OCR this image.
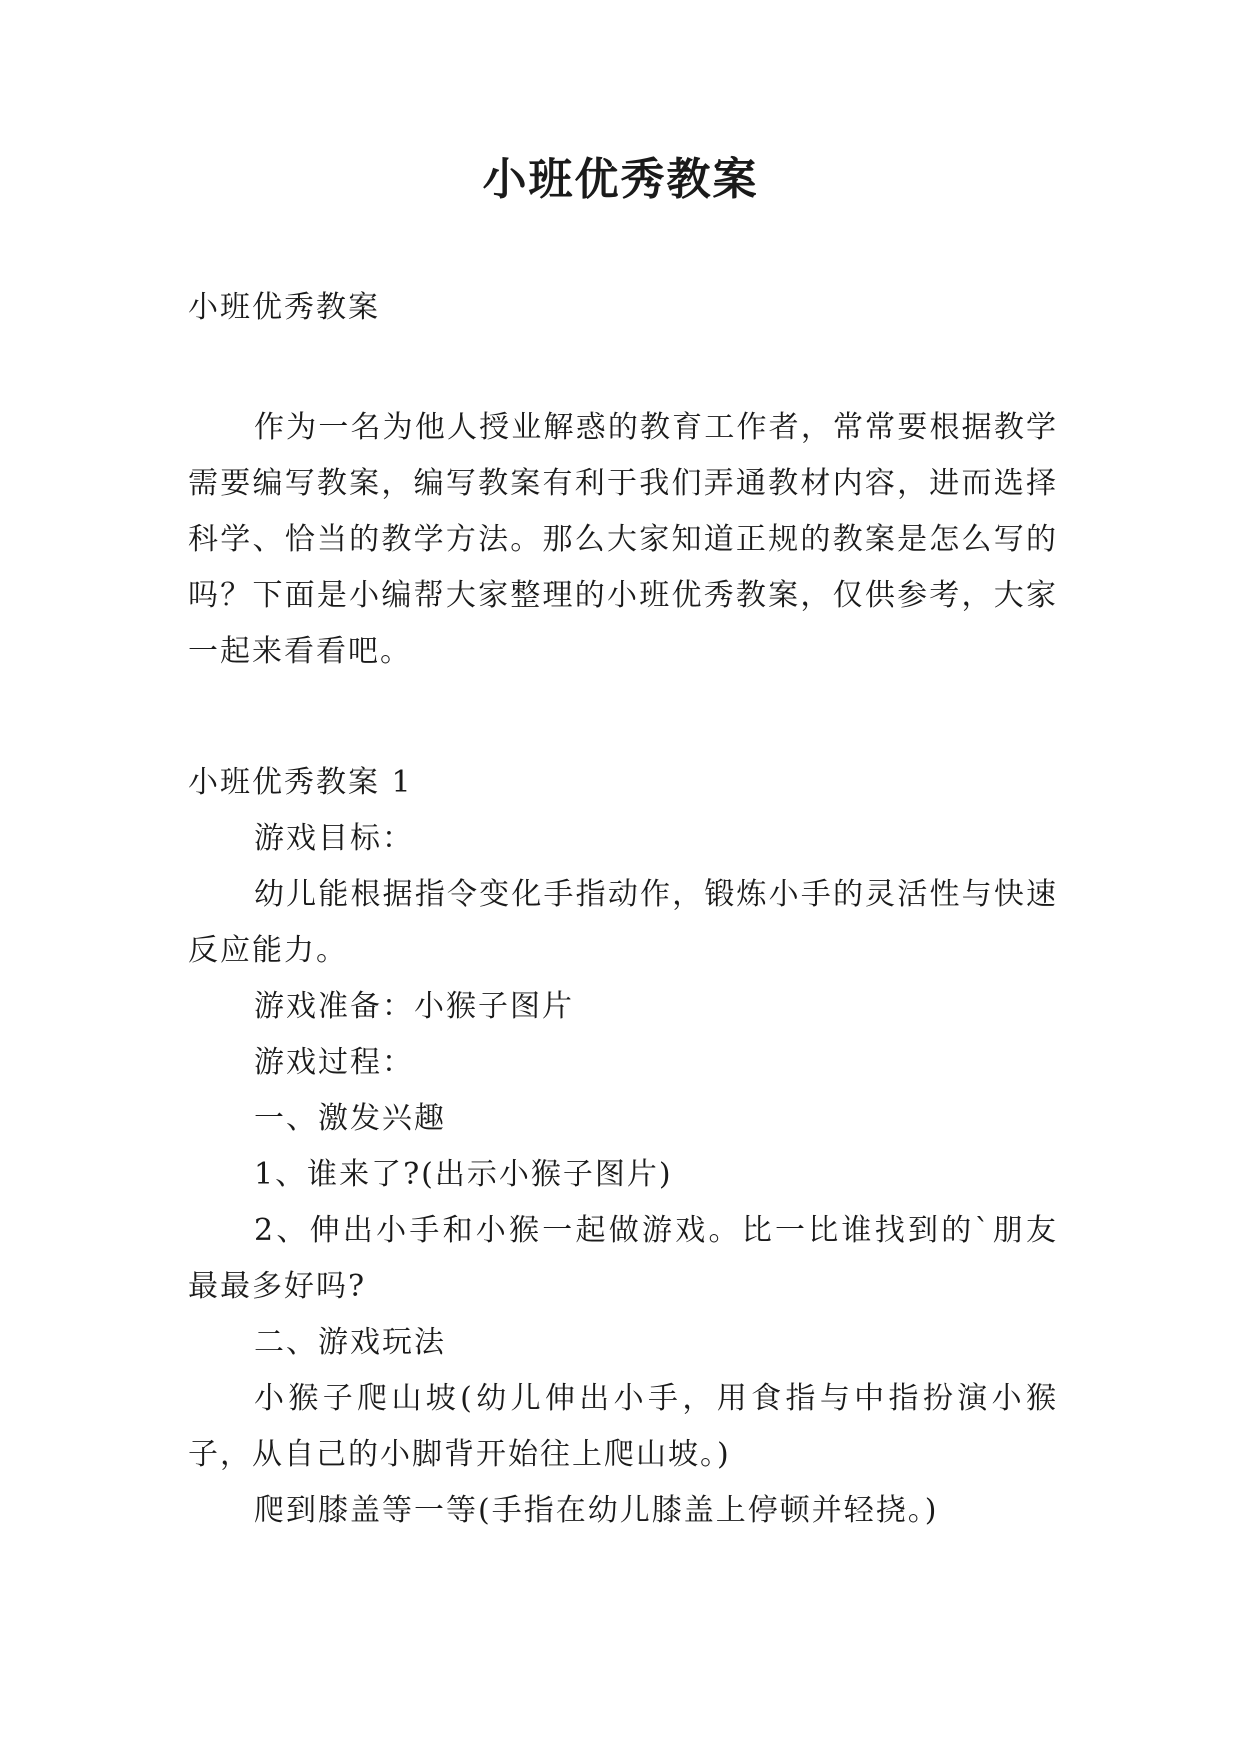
小班优秀教案

小班优秀教案

作为一名为他人授业解惑的教育工作者，常常要根据教学需要编写教案，编写教案有利于我们弄通教材内容，进而选择科学、恰当的教学方法。那么大家知道正规的教案是怎么写的吗？下面是小编帮大家整理的小班优秀教案，仅供参考，大家一起来看看吧。

小班优秀教案 1

游戏目标：

幼儿能根据指令变化手指动作，锻炼小手的灵活性与快速反应能力。

游戏准备：小猴子图片

游戏过程：

一、激发兴趣

1、谁来了?(出示小猴子图片)

2、伸出小手和小猴一起做游戏。比一比谁找到的`朋友最最多好吗?

二、游戏玩法

小猴子爬山坡(幼儿伸出小手，用食指与中指扮演小猴子，从自己的小脚背开始往上爬山坡。)

爬到膝盖等一等(手指在幼儿膝盖上停顿并轻挠。)
